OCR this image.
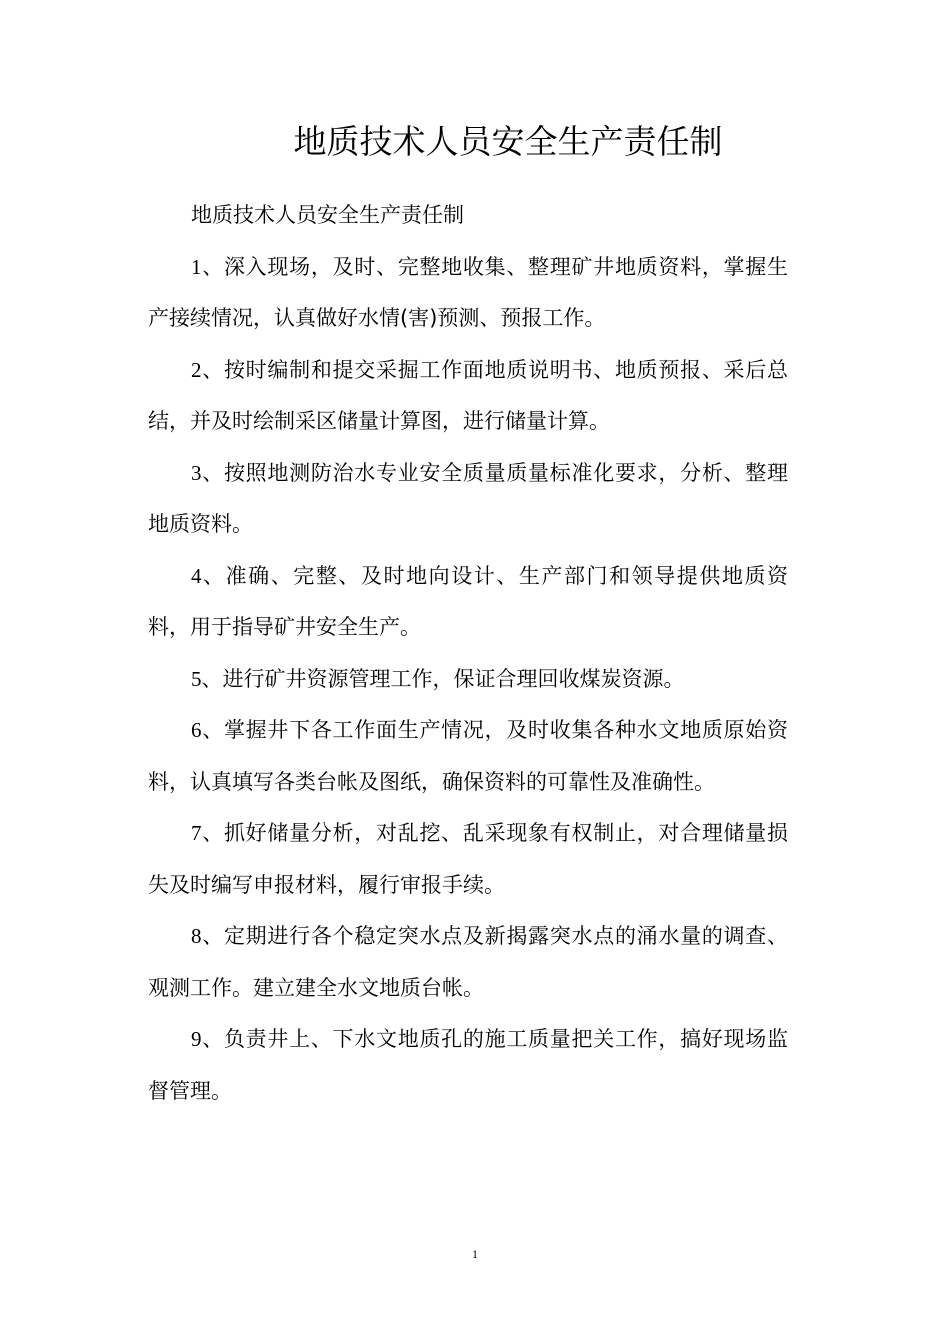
地质技术人员安全生产责任制

地质技术人员安全生产责任制

1、深入现场，及时、完整地收集、整理矿井地质资料，掌握生产接续情况，认真做好水情(害)预测、预报工作。

2、按时编制和提交采掘工作面地质说明书、地质预报、采后总结，并及时绘制采区储量计算图，进行储量计算。

3、按照地测防治水专业安全质量质量标准化要求，分析、整理地质资料。

4、准确、完整、及时地向设计、生产部门和领导提供地质资料，用于指导矿井安全生产。

5、进行矿井资源管理工作，保证合理回收煤炭资源。

6、掌握井下各工作面生产情况，及时收集各种水文地质原始资料，认真填写各类台帐及图纸，确保资料的可靠性及准确性。

7、抓好储量分析，对乱挖、乱采现象有权制止，对合理储量损失及时编写申报材料，履行审报手续。

8、定期进行各个稳定突水点及新揭露突水点的涌水量的调查、观测工作。建立建全水文地质台帐。

9、负责井上、下水文地质孔的施工质量把关工作，搞好现场监督管理。

1
